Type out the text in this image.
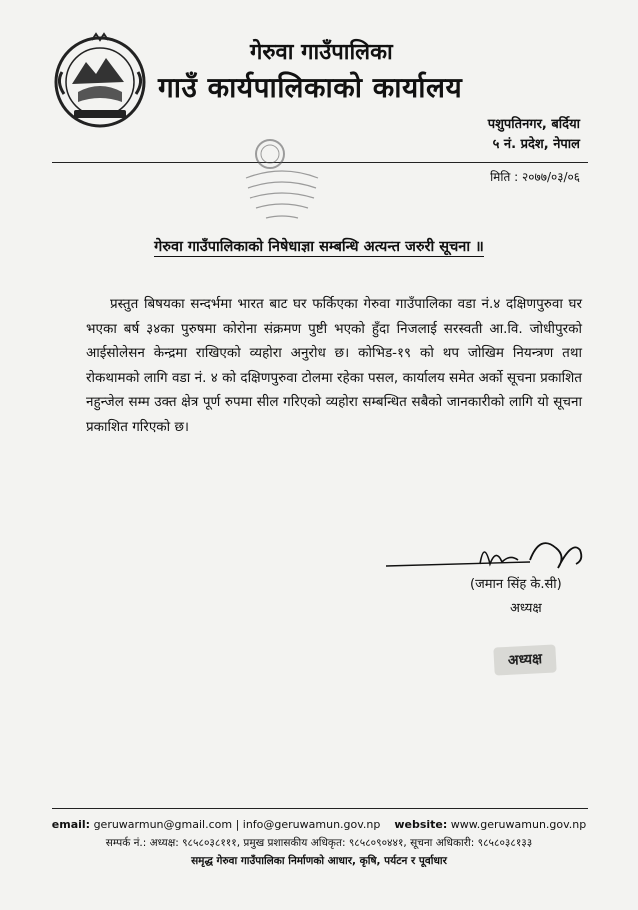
गेरुवा गाउँपालिका
गाउँ कार्यपालिकाको कार्यालय
पशुपतिनगर, बर्दिया
५ नं. प्रदेश, नेपाल
मिति : २०७७/०३/०६
गेरुवा गाउँपालिकाको निषेधाज्ञा सम्बन्धि अत्यन्त जरुरी सूचना ॥
प्रस्तुत बिषयका सन्दर्भमा भारत बाट घर फर्किएका गेरुवा गाउँपालिका वडा नं.४ दक्षिणपुरुवा घर भएका बर्ष ३४का पुरुषमा कोरोना संक्रमण पुष्टी भएको हुँदा निजलाई सरस्वती आ.वि. जोधीपुरको आईसोलेसन केन्द्रमा राखिएको व्यहोरा अनुरोध छ। कोभिड-१९ को थप जोखिम नियन्त्रण तथा रोकथामको लागि वडा नं. ४ को दक्षिणपुरुवा टोलमा रहेका पसल, कार्यालय समेत अर्को सूचना प्रकाशित नहुन्जेल सम्म उक्त क्षेत्र पूर्ण रुपमा सील गरिएको व्यहोरा सम्बन्धित सबैको जानकारीको लागि यो सूचना प्रकाशित गरिएको छ।
(जमान सिंह के.सी)
अध्यक्ष
अध्यक्ष
email: geruwarmun@gmail.com | info@geruwamun.gov.np website: www.geruwamun.gov.np
सम्पर्क नं.: अध्यक्ष: ९८५८०३८१११, प्रमुख प्रशासकीय अधिकृत: ९८५८०९०४४१, सूचना अधिकारी: ९८५८०३८१३३
समृद्ध गेरुवा गाउँपालिका निर्माणको आधार, कृषि, पर्यटन र पूर्वाधार
